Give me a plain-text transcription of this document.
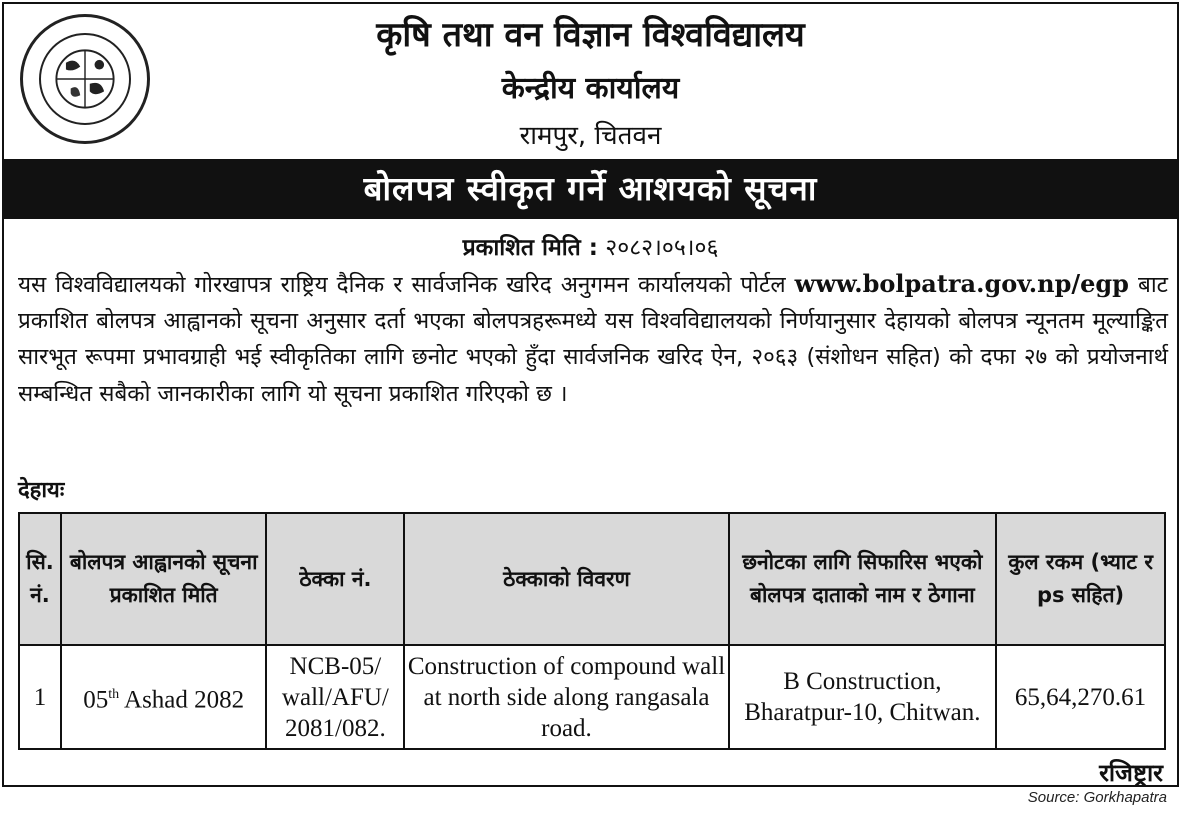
कृषि तथा वन विज्ञान विश्वविद्यालय
केन्द्रीय कार्यालय
रामपुर, चितवन
बोलपत्र स्वीकृत गर्ने आशयको सूचना
प्रकाशित मिति : २०८२।०५।०६
यस विश्वविद्यालयको गोरखापत्र राष्ट्रिय दैनिक र सार्वजनिक खरिद अनुगमन कार्यालयको पोर्टल www.bolpatra.gov.np/egp बाट प्रकाशित बोलपत्र आह्वानको सूचना अनुसार दर्ता भएका बोलपत्रहरूमध्ये यस विश्वविद्यालयको निर्णयानुसार देहायको बोलपत्र न्यूनतम मूल्याङ्कित सारभूत रूपमा प्रभावग्राही भई स्वीकृतिका लागि छनोट भएको हुँदा सार्वजनिक खरिद ऐन, २०६३ (संशोधन सहित) को दफा २७ को प्रयोजनार्थ सम्बन्धित सबैको जानकारीका लागि यो सूचना प्रकाशित गरिएको छ ।
देहायः
सि. नं.	बोलपत्र आह्वानको सूचना प्रकाशित मिति	ठेक्का नं.	ठेक्काको विवरण	छनोटका लागि सिफारिस भएको बोलपत्र दाताको नाम र ठेगाना	कुल रकम (भ्याट र ps सहित)
1	05th Ashad 2082	NCB-05/ wall/AFU/ 2081/082.	Construction of compound wall at north side along rangasala road.	B Construction, Bharatpur-10, Chitwan.	65,64,270.61
रजिष्ट्रार
Source: Gorkhapatra
